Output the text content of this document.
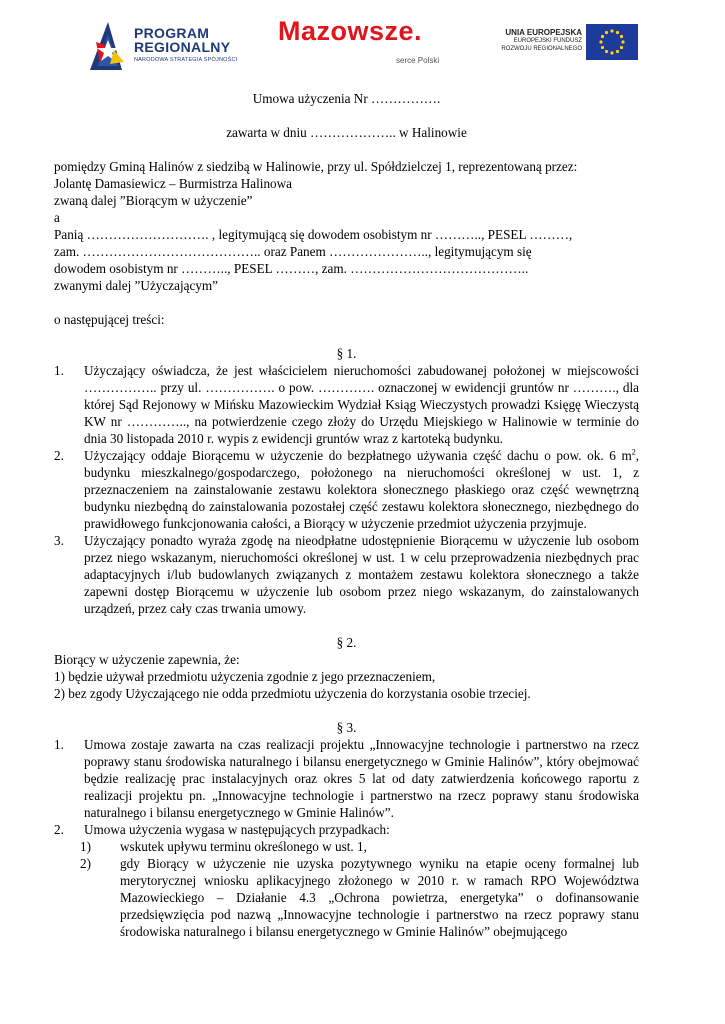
PROGRAM
REGIONALNY
NARODOWA STRATEGIA SPÓJNOŚCI
Mazowsze.
serce Polski
UNIA EUROPEJSKA
EUROPEJSKI FUNDUSZ
ROZWOJU REGIONALNEGO

Umowa użyczenia Nr …………….

zawarta w dniu ……………….. w Halinowie

pomiędzy Gminą Halinów z siedzibą w Halinowie, przy ul. Spółdzielczej 1, reprezentowaną przez:

Jolantę Damasiewicz – Burmistrza Halinowa

zwaną dalej ”Biorącym w użyczenie”

a

Panią ………………………. , legitymującą się dowodem osobistym nr ……….., PESEL ………,

zam. ………………………………….. oraz Panem ………………….., legitymującym się

dowodem osobistym nr ……….., PESEL ………, zam. …………………………………..

zwanymi dalej ”Użyczającym”

o następującej treści:

§ 1.

1. Użyczający oświadcza, że jest właścicielem nieruchomości zabudowanej położonej w miejscowości …………….. przy ul. ……………. o pow. …………. oznaczonej w ewidencji gruntów nr ………., dla której Sąd Rejonowy w Mińsku Mazowieckim Wydział Ksiąg Wieczystych prowadzi Księgę Wieczystą KW nr ………….., na potwierdzenie czego złoży do Urzędu Miejskiego w Halinowie w terminie do dnia 30 listopada 2010 r. wypis z ewidencji gruntów wraz z kartoteką budynku.
2. Użyczający oddaje Biorącemu w użyczenie do bezpłatnego używania część dachu o pow. ok. 6 $m^2$, budynku mieszkalnego/gospodarczego, położonego na nieruchomości określonej w ust. 1, z przeznaczeniem na zainstalowanie zestawu kolektora słonecznego płaskiego oraz część wewnętrzną budynku niezbędną do zainstalowania pozostałej część zestawu kolektora słonecznego, niezbędnego do prawidłowego funkcjonowania całości, a Biorący w użyczenie przedmiot użyczenia przyjmuje.
3. Użyczający ponadto wyraża zgodę na nieodpłatne udostępnienie Biorącemu w użyczenie lub osobom przez niego wskazanym, nieruchomości określonej w ust. 1 w celu przeprowadzenia niezbędnych prac adaptacyjnych i/lub budowlanych związanych z montażem zestawu kolektora słonecznego a także zapewni dostęp Biorącemu w użyczenie lub osobom przez niego wskazanym, do zainstalowanych urządzeń, przez cały czas trwania umowy.

§ 2.

Biorący w użyczenie zapewnia, że:

1) będzie używał przedmiotu użyczenia zgodnie z jego przeznaczeniem,

2) bez zgody Użyczającego nie odda przedmiotu użyczenia do korzystania osobie trzeciej.

§ 3.

1. Umowa zostaje zawarta na czas realizacji projektu „Innowacyjne technologie i partnerstwo na rzecz poprawy stanu środowiska naturalnego i bilansu energetycznego w Gminie Halinów”, który obejmować będzie realizację prac instalacyjnych oraz okres 5 lat od daty zatwierdzenia końcowego raportu z realizacji projektu pn. „Innowacyjne technologie i partnerstwo na rzecz poprawy stanu środowiska naturalnego i bilansu energetycznego w Gminie Halinów”.
2. Umowa użyczenia wygasa w następujących przypadkach:
1) wskutek upływu terminu określonego w ust. 1,
2) gdy Biorący w użyczenie nie uzyska pozytywnego wyniku na etapie oceny formalnej lub merytorycznej wniosku aplikacyjnego złożonego w 2010 r. w ramach RPO Województwa Mazowieckiego – Działanie 4.3 „Ochrona powietrza, energetyka” o dofinansowanie przedsięwzięcia pod nazwą „Innowacyjne technologie i partnerstwo na rzecz poprawy stanu środowiska naturalnego i bilansu energetycznego w Gminie Halinów” obejmującego
